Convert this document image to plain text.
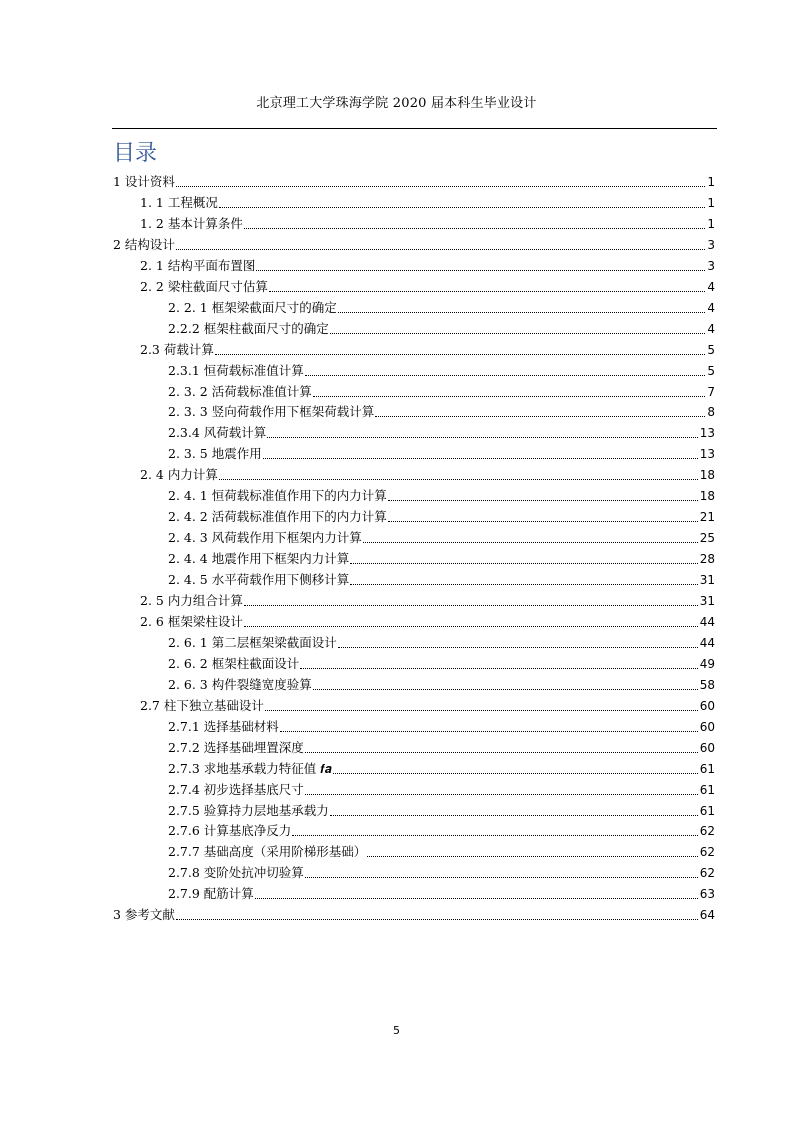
北京理工大学珠海学院 2020 届本科生毕业设计
目录
1 设计资料	1
1. 1 工程概况	1
1. 2 基本计算条件	1
2 结构设计	3
2. 1 结构平面布置图	3
2. 2 梁柱截面尺寸估算	4
2. 2. 1 框架梁截面尺寸的确定	4
2.2.2 框架柱截面尺寸的确定	4
2.3 荷载计算	5
2.3.1 恒荷载标准值计算	5
2. 3. 2 活荷载标准值计算	7
2. 3. 3 竖向荷载作用下框架荷载计算	8
2.3.4 风荷载计算	13
2. 3. 5 地震作用	13
2. 4 内力计算	18
2. 4. 1 恒荷载标准值作用下的内力计算	18
2. 4. 2 活荷载标准值作用下的内力计算	21
2. 4. 3 风荷载作用下框架内力计算	25
2. 4. 4 地震作用下框架内力计算	28
2. 4. 5 水平荷载作用下侧移计算	31
2. 5 内力组合计算	31
2. 6 框架梁柱设计	44
2. 6. 1 第二层框架梁截面设计	44
2. 6. 2 框架柱截面设计	49
2. 6. 3 构件裂缝宽度验算	58
2.7 柱下独立基础设计	60
2.7.1 选择基础材料	60
2.7.2 选择基础埋置深度	60
2.7.3 求地基承载力特征值 𝒇𝒂	61
2.7.4 初步选择基底尺寸	61
2.7.5 验算持力层地基承载力	61
2.7.6 计算基底净反力	62
2.7.7 基础高度（采用阶梯形基础）	62
2.7.8 变阶处抗冲切验算	62
2.7.9 配筋计算	63
3 参考文献	64
5
